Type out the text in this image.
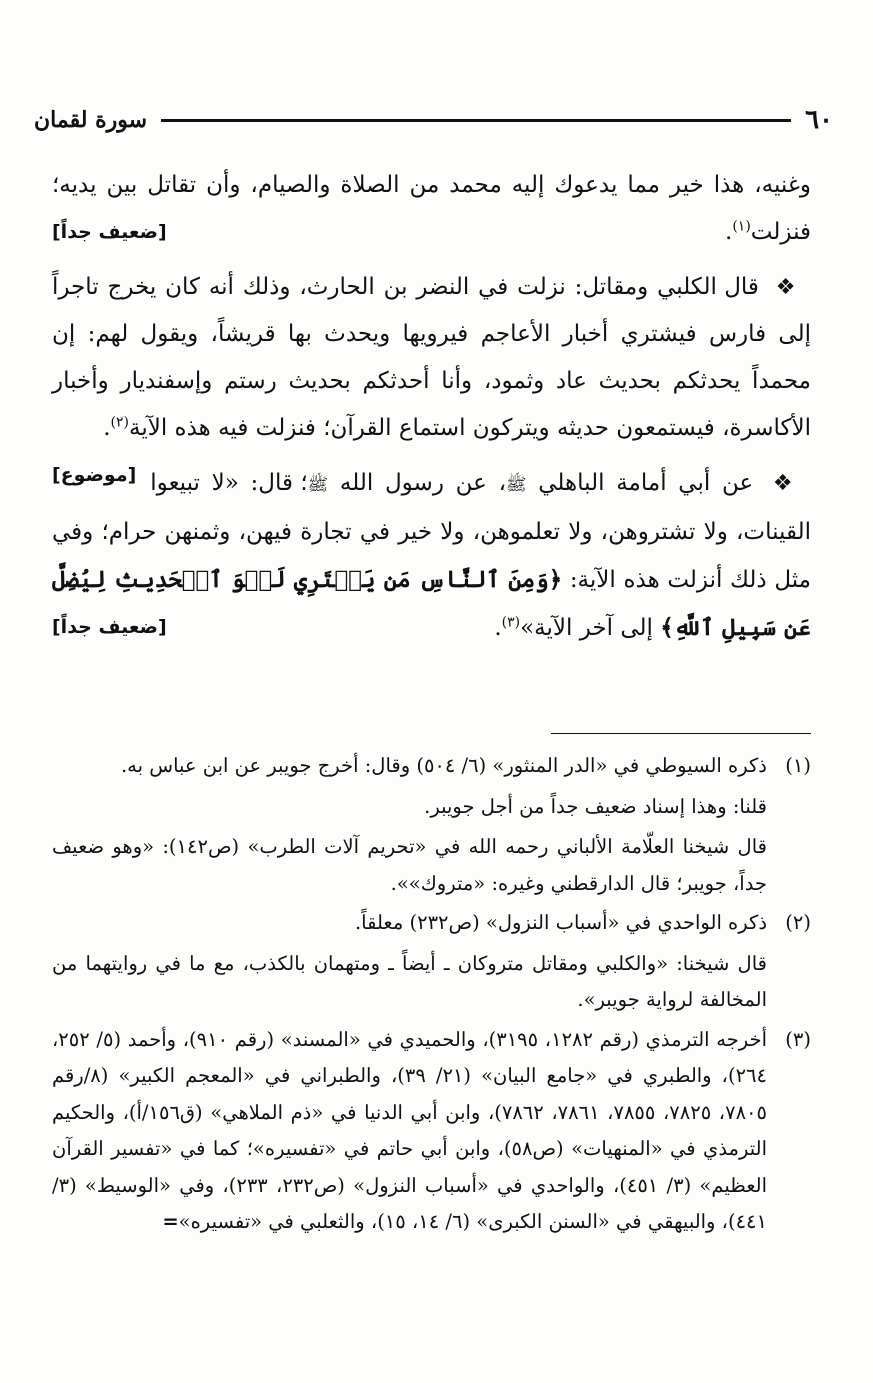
٦٠
سورة لقمان

وغنيه، هذا خير مما يدعوك إليه محمد من الصلاة والصيام، وأن تقاتل بين يديه؛ فنزلت$^{(١)}$.
[ضعيف جداً]

❖ قال الكلبي ومقاتل: نزلت في النضر بن الحارث، وذلك أنه كان يخرج تاجراً إلى فارس فيشتري أخبار الأعاجم فيرويها ويحدث بها قريشاً، ويقول لهم: إن محمداً يحدثكم بحديث عاد وثمود، وأنا أحدثكم بحديث رستم وإسفنديار وأخبار الأكاسرة، فيستمعون حديثه ويتركون استماع القرآن؛ فنزلت فيه هذه الآية$^{(٢)}$.
[موضوع]	❖ عن أبي أمامة الباهلي ﷺ، عن رسول الله ﷺ؛ قال: «لا تبيعوا القينات، ولا تشتروهن، ولا تعلموهن، ولا خير في تجارة فيهن، وثمنهن حرام؛ وفي مثل ذلك أنزلت هذه الآية: ﴿وَمِنَ ٱلنَّاسِ مَن يَشۡتَرِي لَهۡوَ ٱلۡحَدِيثِ لِيُضِلَّ عَن سَبِيلِ ٱللَّهِ﴾ إلى آخر الآية»$^{(٣)}$.
[ضعيف جداً]

(١)

ذكره السيوطي في «الدر المنثور» (٦/ ٥٠٤) وقال: أخرج جويبر عن ابن عباس به.

قلنا: وهذا إسناد ضعيف جداً من أجل جويبر.

قال شيخنا العلّامة الألباني رحمه الله في «تحريم آلات الطرب» (ص١٤٢): «وهو ضعيف جداً، جويبر؛ قال الدارقطني وغيره: «متروك»».

(٢)

ذكره الواحدي في «أسباب النزول» (ص٢٣٢) معلقاً.

قال شيخنا: «والكلبي ومقاتل متروكان ـ أيضاً ـ ومتهمان بالكذب، مع ما في روايتهما من المخالفة لرواية جويبر».

(٣)

أخرجه الترمذي (رقم ١٢٨٢، ٣١٩٥)، والحميدي في «المسند» (رقم ٩١٠)، وأحمد (٥/ ٢٥٢، ٢٦٤)، والطبري في «جامع البيان» (٢١/ ٣٩)، والطبراني في «المعجم الكبير» (٨/رقم ٧٨٠٥، ٧٨٢٥، ٧٨٥٥، ٧٨٦١، ٧٨٦٢)، وابن أبي الدنيا في «ذم الملاهي» (ق١٥٦/أ)، والحكيم الترمذي في «المنهيات» (ص٥٨)، وابن أبي حاتم في «تفسيره»؛ كما في «تفسير القرآن العظيم» (٣/ ٤٥١)، والواحدي في «أسباب النزول» (ص٢٣٢، ٢٣٣)، وفي «الوسيط» (٣/ ٤٤١)، والبيهقي في «السنن الكبرى» (٦/ ١٤، ١٥)، والثعلبي في «تفسيره»=
